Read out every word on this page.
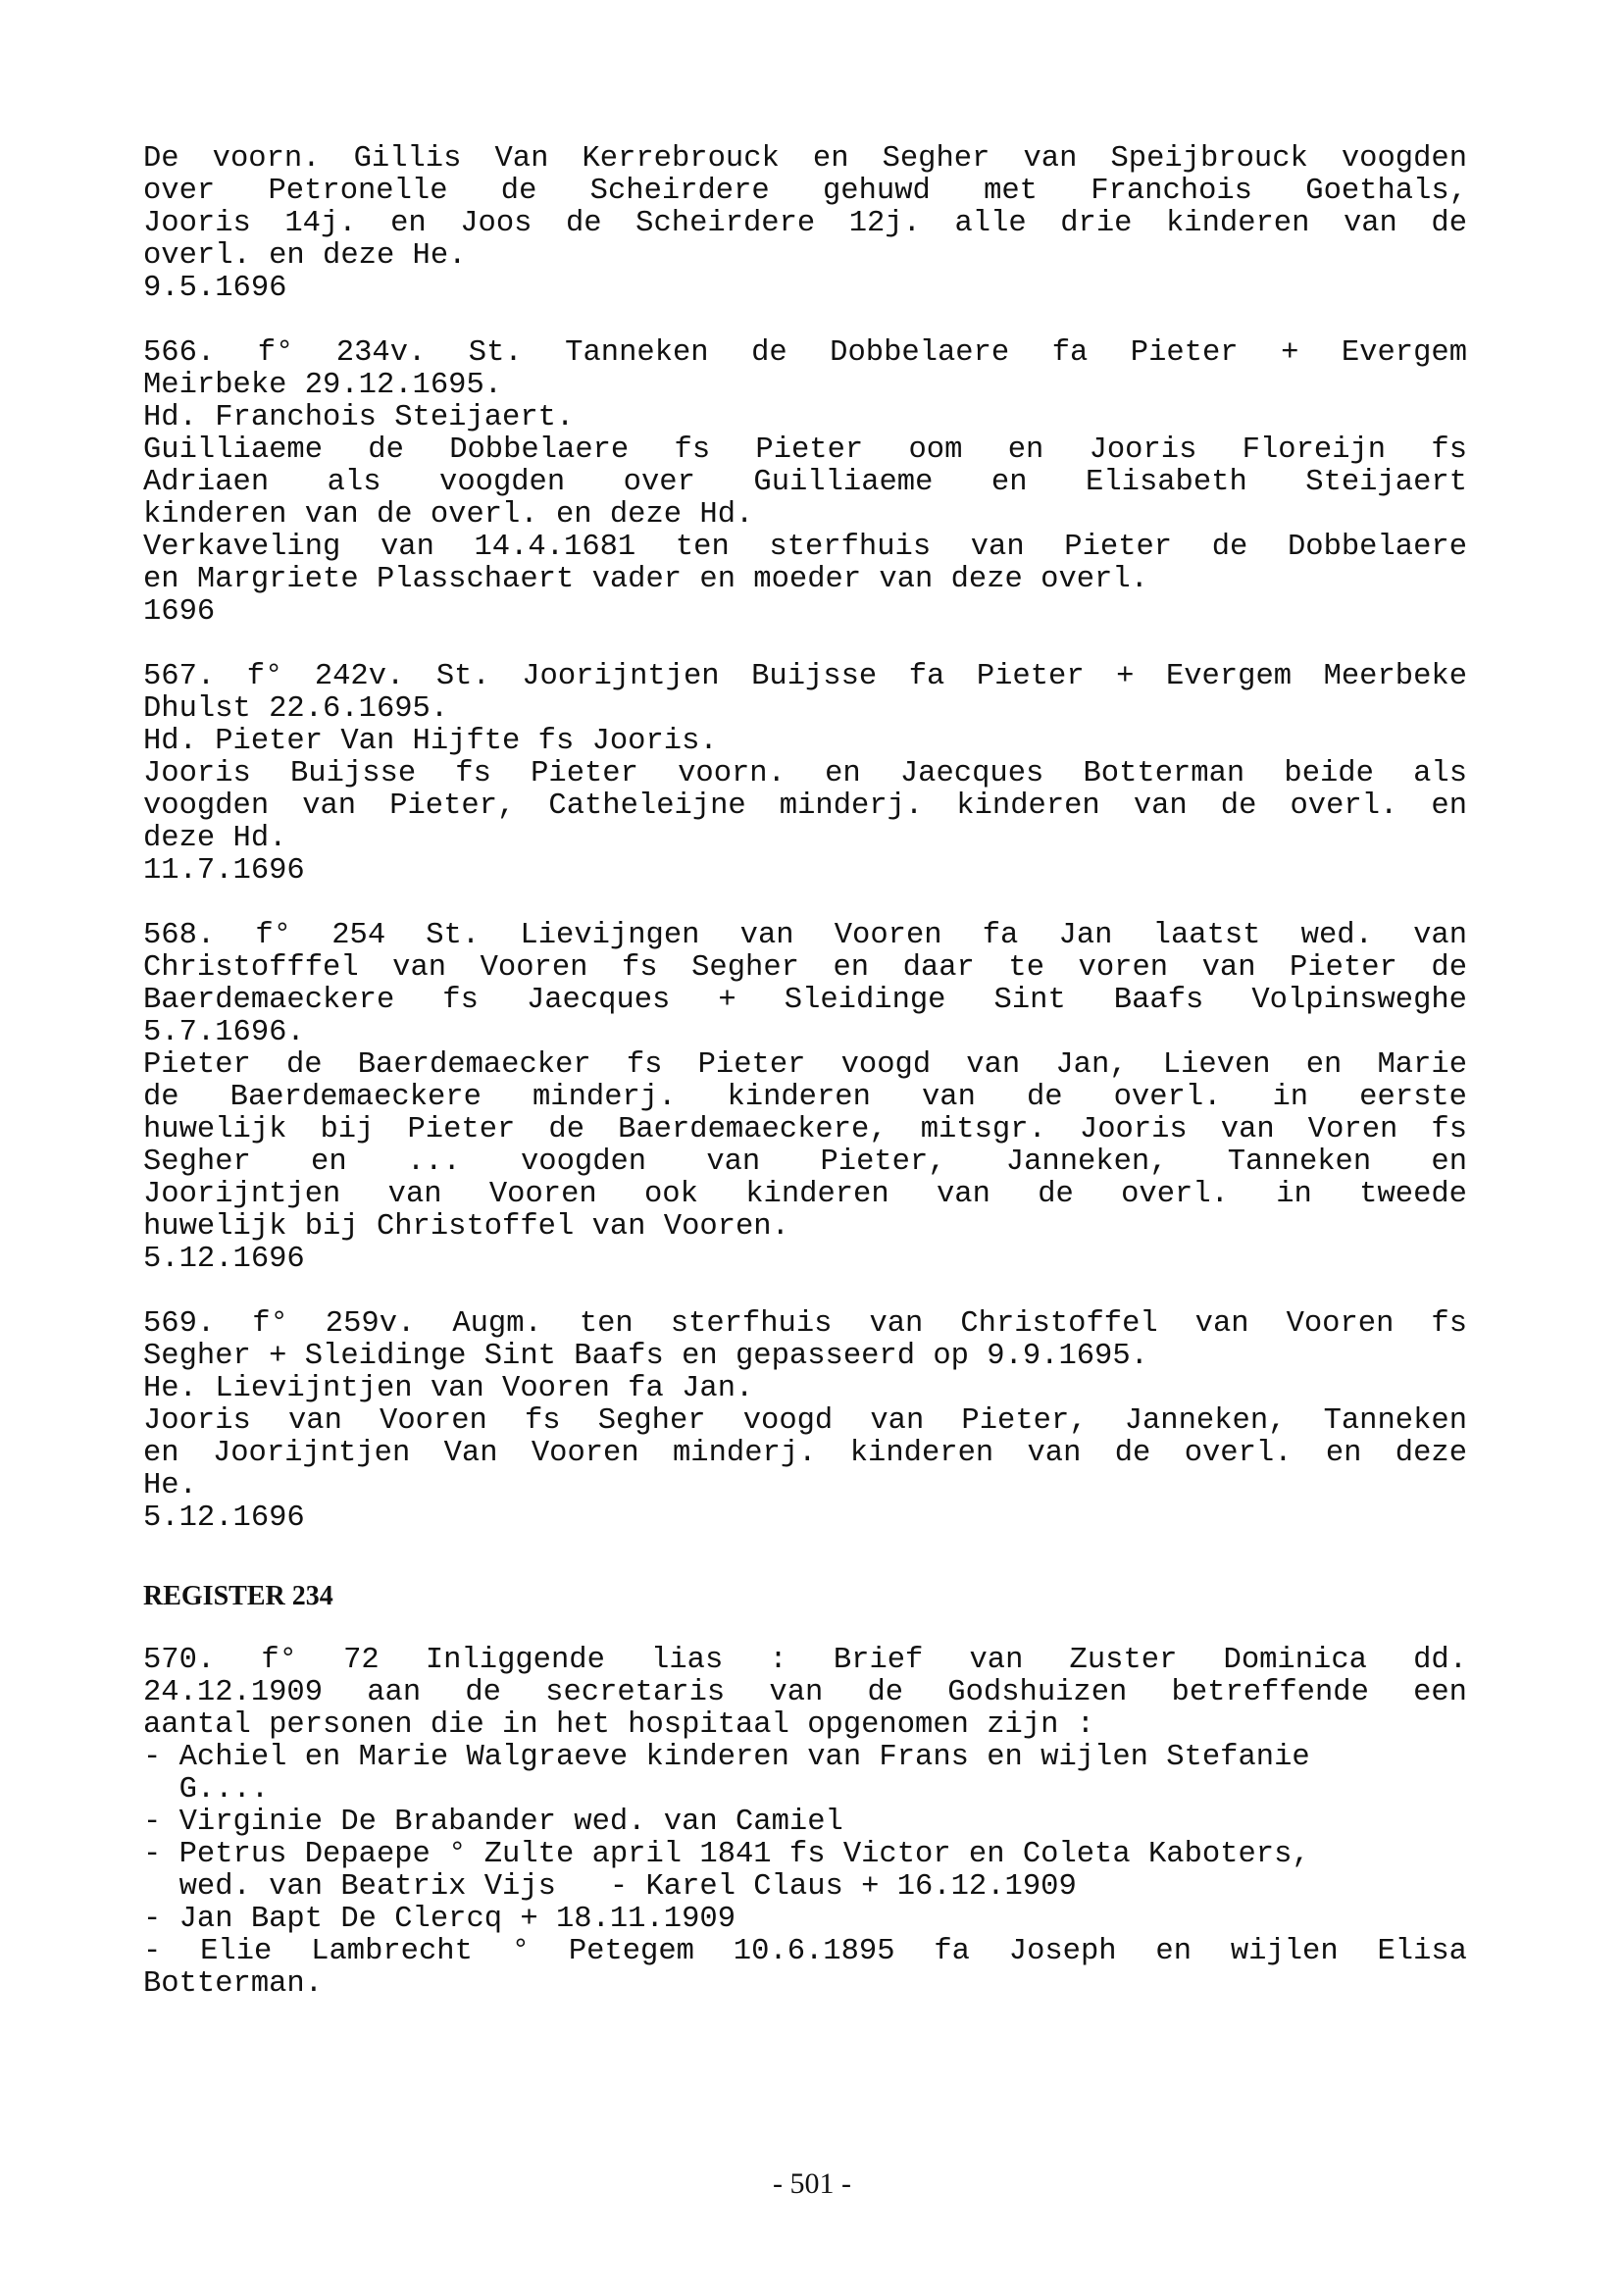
De voorn. Gillis Van Kerrebrouck en Segher van Speijbrouck voogden
over Petronelle de Scheirdere gehuwd met Franchois Goethals,
Jooris 14j. en Joos de Scheirdere 12j. alle drie kinderen van de
overl. en deze He.
9.5.1696
566. f° 234v. St. Tanneken de Dobbelaere fa Pieter + Evergem
Meirbeke 29.12.1695.
Hd. Franchois Steijaert.
Guilliaeme de Dobbelaere fs Pieter oom en Jooris Floreijn fs
Adriaen als voogden over Guilliaeme en Elisabeth Steijaert
kinderen van de overl. en deze Hd.
Verkaveling van 14.4.1681 ten sterfhuis van Pieter de Dobbelaere
en Margriete Plasschaert vader en moeder van deze overl.
1696
567. f° 242v. St. Joorijntjen Buijsse fa Pieter + Evergem Meerbeke
Dhulst 22.6.1695.
Hd. Pieter Van Hijfte fs Jooris.
Jooris Buijsse fs Pieter voorn. en Jaecques Botterman beide als
voogden van Pieter, Catheleijne minderj. kinderen van de overl. en
deze Hd.
11.7.1696
568. f° 254 St. Lievijngen van Vooren fa Jan laatst wed. van
Christofffel van Vooren fs Segher en daar te voren van Pieter de
Baerdemaeckere fs Jaecques + Sleidinge Sint Baafs Volpinsweghe
5.7.1696.
Pieter de Baerdemaecker fs Pieter voogd van Jan, Lieven en Marie
de Baerdemaeckere minderj. kinderen van de overl. in eerste
huwelijk bij Pieter de Baerdemaeckere, mitsgr. Jooris van Voren fs
Segher en ... voogden van Pieter, Janneken, Tanneken en
Joorijntjen van Vooren ook kinderen van de overl. in tweede
huwelijk bij Christoffel van Vooren.
5.12.1696
569. f° 259v. Augm. ten sterfhuis van Christoffel van Vooren fs
Segher + Sleidinge Sint Baafs en gepasseerd op 9.9.1695.
He. Lievijntjen van Vooren fa Jan.
Jooris van Vooren fs Segher voogd van Pieter, Janneken, Tanneken
en Joorijntjen Van Vooren minderj. kinderen van de overl. en deze
He.
5.12.1696
REGISTER 234
570. f° 72 Inliggende lias : Brief van Zuster Dominica dd.
24.12.1909 aan de secretaris van de Godshuizen betreffende een
aantal personen die in het hospitaal opgenomen zijn :
- Achiel en Marie Walgraeve kinderen van Frans en wijlen Stefanie
G....
- Virginie De Brabander wed. van Camiel
- Petrus Depaepe ° Zulte april 1841 fs Victor en Coleta Kaboters,
wed. van Beatrix Vijs   - Karel Claus + 16.12.1909
- Jan Bapt De Clercq + 18.11.1909
- Elie Lambrecht ° Petegem 10.6.1895 fa Joseph en wijlen Elisa
Botterman.
- 501 -
